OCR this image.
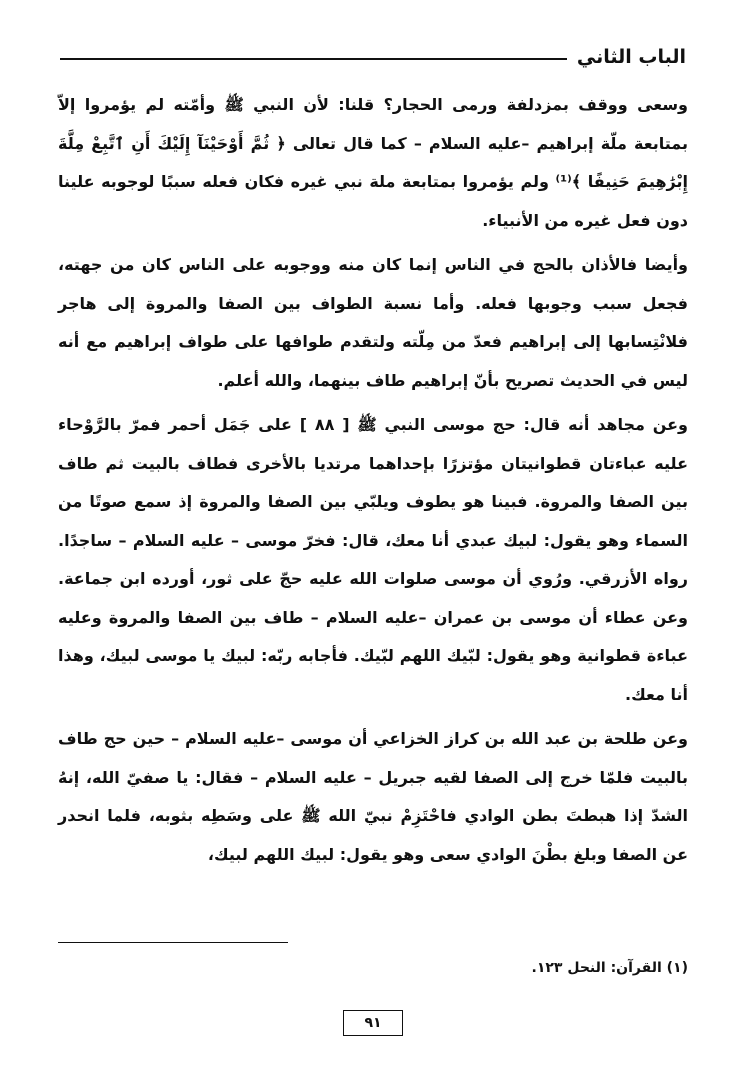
الباب الثاني

وسعى ووقف بمزدلفة ورمى الحجار؟ قلنا: لأن النبي ﷺ وأمّته لم يؤمروا إلاّ بمتابعة ملّة إبراهيم –عليه السلام – كما قال تعالى ﴿ ثُمَّ أَوْحَيْنَآ إِلَيْكَ أَنِ ٱتَّبِعْ مِلَّةَ إِبْرَٰهِيمَ حَنِيفًا ﴾⁽¹⁾ ولم يؤمروا بمتابعة ملة نبي غيره فكان فعله سببًا لوجوبه علينا دون فعل غيره من الأنبياء.

وأيضا فالأذان بالحج في الناس إنما كان منه ووجوبه على الناس كان من جهته، فجعل سبب وجوبها فعله. وأما نسبة الطواف بين الصفا والمروة إلى هاجر فلانْتِسابها إلى إبراهيم فعدّ من مِلّته ولتقدم طوافها على طواف إبراهيم مع أنه ليس في الحديث تصريح بأنّ إبراهيم طاف بينهما، والله أعلم.

وعن مجاهد أنه قال: حج موسى النبي ﷺ [ ٨٨ ] على جَمَل أحمر فمرّ بالرَّوْحاء عليه عباءتان قطوانيتان مؤتزرًا بإحداهما مرتديا بالأخرى فطاف بالبيت ثم طاف بين الصفا والمروة. فبينا هو يطوف ويلبّي بين الصفا والمروة إذ سمع صوتًا من السماء وهو يقول: لبيك عبدي أنا معك، قال: فخرّ موسى – عليه السلام – ساجدًا. رواه الأزرقي. ورُوي أن موسى صلوات الله عليه حجّ على ثور، أورده ابن جماعة. وعن عطاء أن موسى بن عمران –عليه السلام – طاف بين الصفا والمروة وعليه عباءة قطوانية وهو يقول: لبّيك اللهم لبّيك. فأجابه ربّه: لبيك يا موسى لبيك، وهذا أنا معك.

وعن طلحة بن عبد الله بن كراز الخزاعي أن موسى –عليه السلام – حين حج طاف بالبيت فلمّا خرج إلى الصفا لقيه جبريل – عليه السلام – فقال: يا صفيّ الله، إنهُ الشدّ إذا هبطتَ بطن الوادي فاحْتَزِمْ نبيّ الله ﷺ على وسَطِه بثوبه، فلما انحدر عن الصفا وبلغ بطْنَ الوادي سعى وهو يقول: لبيك اللهم لبيك،

(١) القرآن: النحل ١٢٣.
٩١
